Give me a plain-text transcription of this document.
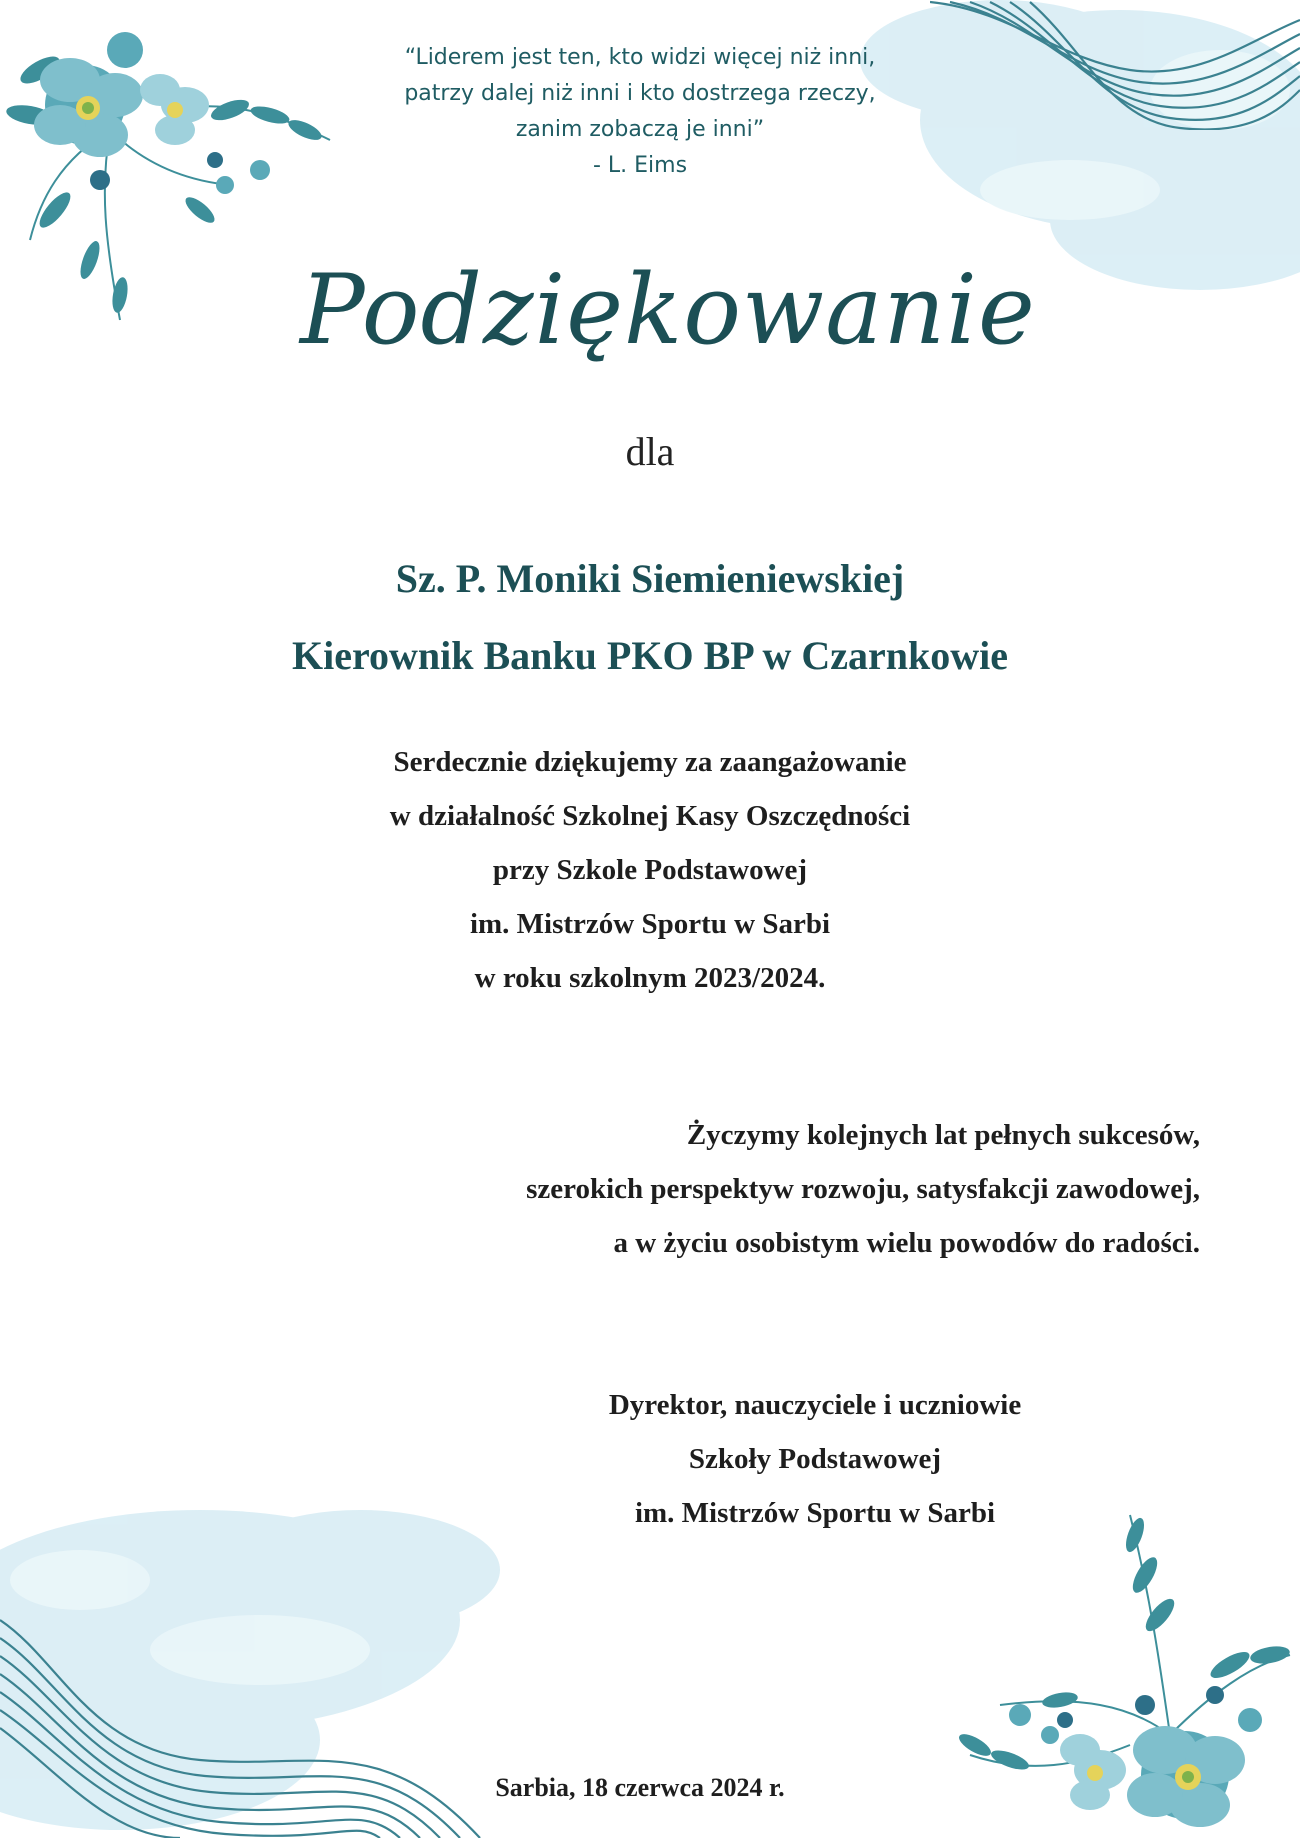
“Liderem jest ten, kto widzi więcej niż inni,
patrzy dalej niż inni i kto dostrzega rzeczy,
zanim zobaczą je inni”
- L. Eims
Podziękowanie
dla
Sz. P. Moniki Siemieniewskiej
Kierownik Banku PKO BP w Czarnkowie
Serdecznie dziękujemy za zaangażowanie
w działalność Szkolnej Kasy Oszczędności
przy Szkole Podstawowej
im. Mistrzów Sportu w Sarbi
w roku szkolnym 2023/2024.
Życzymy kolejnych lat pełnych sukcesów,
szerokich perspektyw rozwoju, satysfakcji zawodowej,
a w życiu osobistym wielu powodów do radości.
Dyrektor, nauczyciele i uczniowie
Szkoły Podstawowej
im. Mistrzów Sportu w Sarbi
Sarbia, 18 czerwca 2024 r.
